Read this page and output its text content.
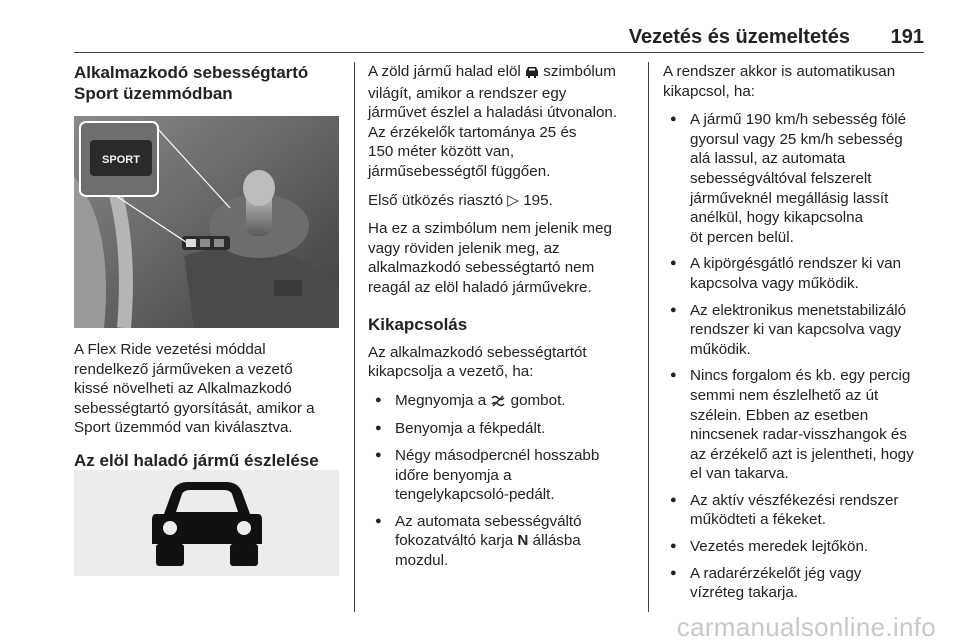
Vezetés és üzemeltetés 191
Alkalmazkodó sebességtartó
Sport üzemmódban
SPORT

A Flex Ride vezetési móddal
rendelkező járműveken a vezető
kissé növelheti az Alkalmazkodó
sebességtartó gyorsítását, amikor a
Sport üzemmód van kiválasztva.

Az elöl haladó jármű észlelése

A zöld jármű halad elöl szimbólum
világít, amikor a rendszer egy
járművet észlel a haladási útvonalon.
Az érzékelők tartománya 25 és
150 méter között van,
járműsebességtől függően.

Első ütközés riasztó ▷ 195.

Ha ez a szimbólum nem jelenik meg
vagy röviden jelenik meg, az
alkalmazkodó sebességtartó nem
reagál az elöl haladó járművekre.

Kikapcsolás

Az alkalmazkodó sebességtartót
kikapcsolja a vezető, ha:

● Megnyomja a gombot.
● Benyomja a fékpedált.
● Négy másodpercnél hosszabb
időre benyomja a
tengelykapcsoló-pedált.
● Az automata sebességváltó
fokozatváltó karja N állásba
mozdul.

A rendszer akkor is automatikusan
kikapcsol, ha:

● A jármű 190 km/h sebesség fölé
gyorsul vagy 25 km/h sebesség
alá lassul, az automata
sebességváltóval felszerelt
járműveknél megállásig lassít
anélkül, hogy kikapcsolna
öt percen belül.
● A kipörgésgátló rendszer ki van
kapcsolva vagy működik.
● Az elektronikus menetstabilizáló
rendszer ki van kapcsolva vagy
működik.
● Nincs forgalom és kb. egy percig
semmi nem észlelhető az út
szélein. Ebben az esetben
nincsenek radar-visszhangok és
az érzékelő azt is jelentheti, hogy
el van takarva.
● Az aktív vészfékezési rendszer
működteti a fékeket.
● Vezetés meredek lejtőkön.
● A radarérzékelőt jég vagy
vízréteg takarja.
carmanualsonline.info
